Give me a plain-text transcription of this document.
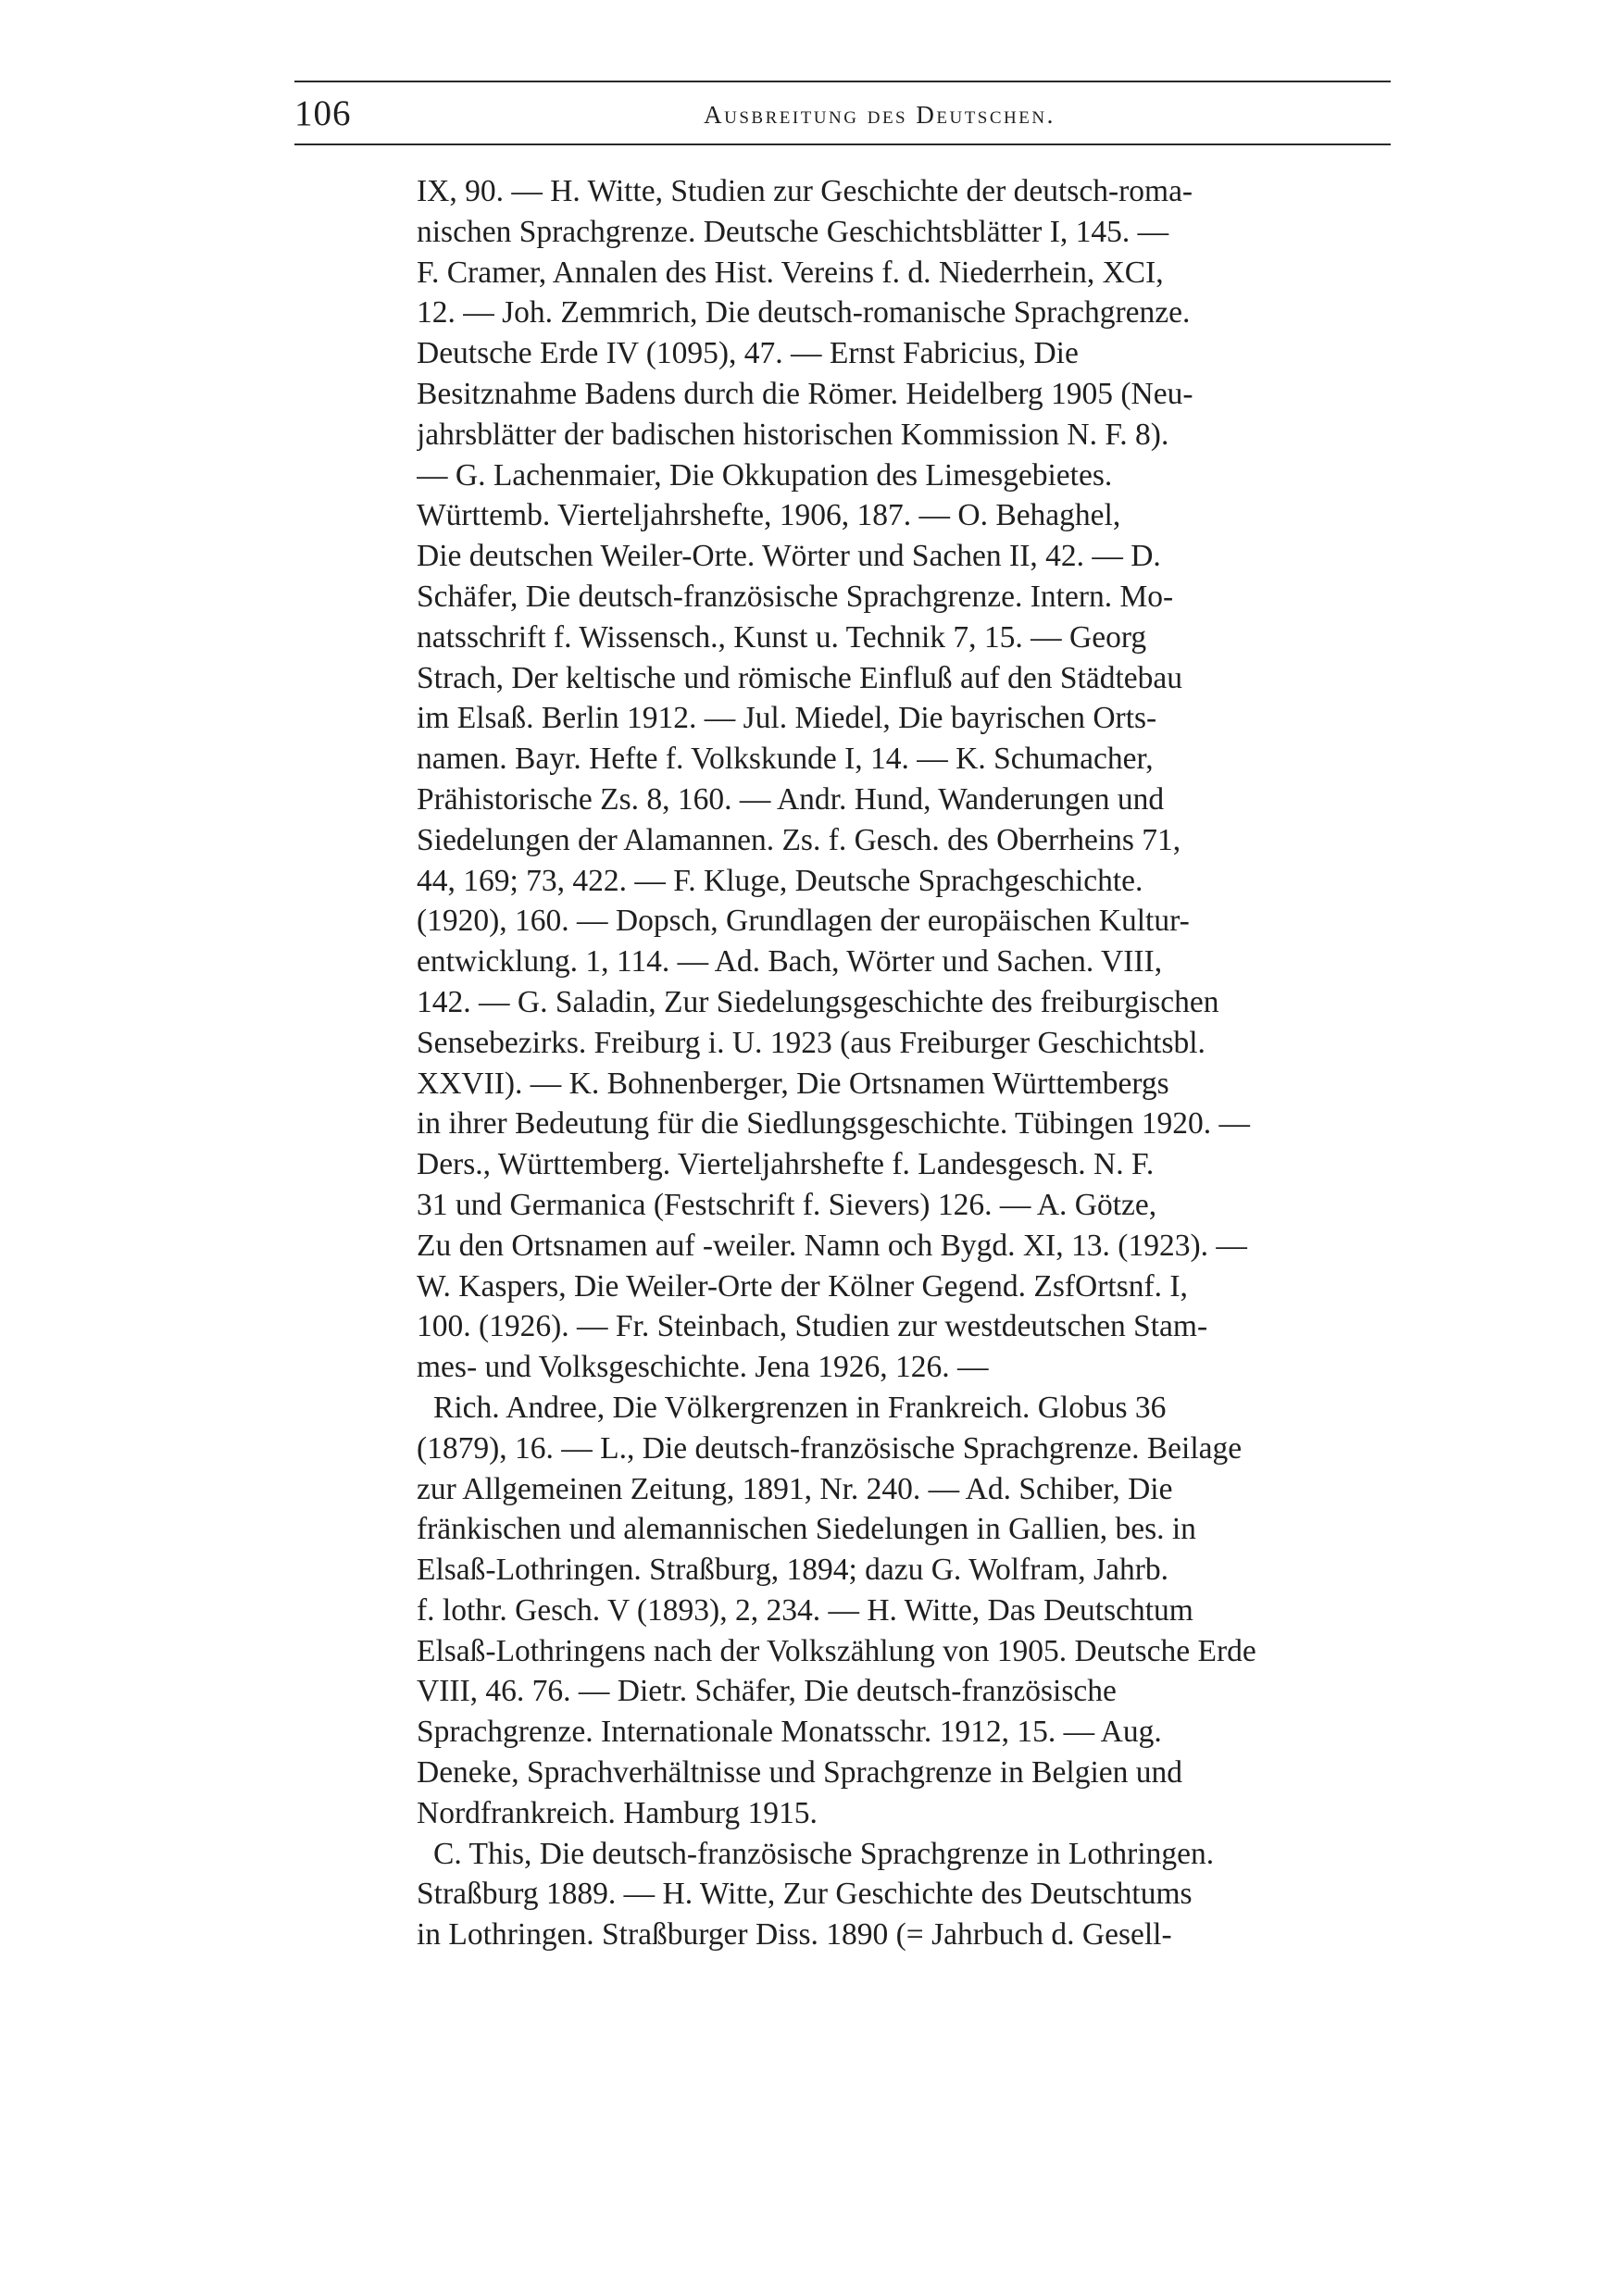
106	Ausbreitung des Deutschen.
IX, 90. — H. Witte, Studien zur Geschichte der deutsch-roma-
nischen Sprachgrenze. Deutsche Geschichtsblätter I, 145. —
F. Cramer, Annalen des Hist. Vereins f. d. Niederrhein, XCI,
12. — Joh. Zemmrich, Die deutsch-romanische Sprachgrenze.
Deutsche Erde IV (1095), 47. — Ernst Fabricius, Die
Besitznahme Badens durch die Römer. Heidelberg 1905 (Neu-
jahrsblätter der badischen historischen Kommission N. F. 8).
— G. Lachenmaier, Die Okkupation des Limesgebietes.
Württemb. Vierteljahrshefte, 1906, 187. — O. Behaghel,
Die deutschen Weiler-Orte. Wörter und Sachen II, 42. — D.
Schäfer, Die deutsch-französische Sprachgrenze. Intern. Mo-
natsschrift f. Wissensch., Kunst u. Technik 7, 15. — Georg
Strach, Der keltische und römische Einfluß auf den Städtebau
im Elsaß. Berlin 1912. — Jul. Miedel, Die bayrischen Orts-
namen. Bayr. Hefte f. Volkskunde I, 14. — K. Schumacher,
Prähistorische Zs. 8, 160. — Andr. Hund, Wanderungen und
Siedelungen der Alamannen. Zs. f. Gesch. des Oberrheins 71,
44, 169; 73, 422. — F. Kluge, Deutsche Sprachgeschichte.
(1920), 160. — Dopsch, Grundlagen der europäischen Kultur-
entwicklung. 1, 114. — Ad. Bach, Wörter und Sachen. VIII,
142. — G. Saladin, Zur Siedelungsgeschichte des freiburgischen
Sensebezirks. Freiburg i. U. 1923 (aus Freiburger Geschichtsbl.
XXVII). — K. Bohnenberger, Die Ortsnamen Württembergs
in ihrer Bedeutung für die Siedlungsgeschichte. Tübingen 1920. —
Ders., Württemberg. Vierteljahrshefte f. Landesgesch. N. F.
31 und Germanica (Festschrift f. Sievers) 126. — A. Götze,
Zu den Ortsnamen auf -weiler. Namn och Bygd. XI, 13. (1923). —
W. Kaspers, Die Weiler-Orte der Kölner Gegend. ZsfOrtsnf. I,
100. (1926). — Fr. Steinbach, Studien zur westdeutschen Stam-
mes- und Volksgeschichte. Jena 1926, 126. —
Rich. Andree, Die Völkergrenzen in Frankreich. Globus 36
(1879), 16. — L., Die deutsch-französische Sprachgrenze. Beilage
zur Allgemeinen Zeitung, 1891, Nr. 240. — Ad. Schiber, Die
fränkischen und alemannischen Siedelungen in Gallien, bes. in
Elsaß-Lothringen. Straßburg, 1894; dazu G. Wolfram, Jahrb.
f. lothr. Gesch. V (1893), 2, 234. — H. Witte, Das Deutschtum
Elsaß-Lothringens nach der Volkszählung von 1905. Deutsche Erde
VIII, 46. 76. — Dietr. Schäfer, Die deutsch-französische
Sprachgrenze. Internationale Monatsschr. 1912, 15. — Aug.
Deneke, Sprachverhältnisse und Sprachgrenze in Belgien und
Nordfrankreich. Hamburg 1915.
C. This, Die deutsch-französische Sprachgrenze in Lothringen.
Straßburg 1889. — H. Witte, Zur Geschichte des Deutschtums
in Lothringen. Straßburger Diss. 1890 (= Jahrbuch d. Gesell-
